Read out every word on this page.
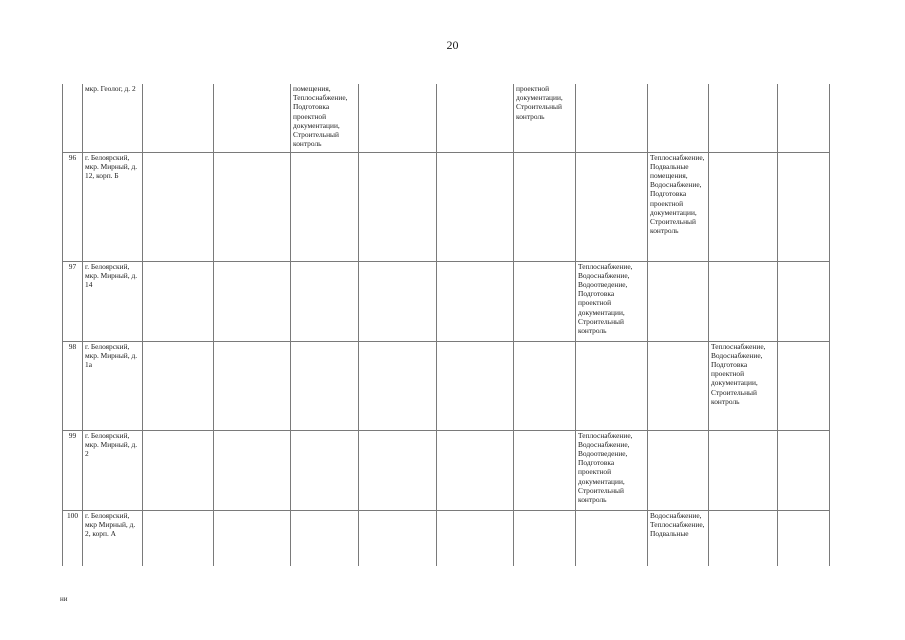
20
	мкр. Геолог, д. 2			помещения, Теплоснабжение, Подготовка проектной документации, Строительный контроль			проектной документации, Строительный контроль				
96	г. Белоярский, мкр. Мирный, д. 12, корп. Б								Теплоснабжение, Подвальные помещения, Водоснабжение, Подготовка проектной документации, Строительный контроль		
97	г. Белоярский, мкр. Мирный, д. 14							Теплоснабжение, Водоснабжение, Водоотведение, Подготовка проектной документации, Строительный контроль			
98	г. Белоярский, мкр. Мирный, д. 1а									Теплоснабжение, Водоснабжение, Подготовка проектной документации, Строительный контроль	
99	г. Белоярский, мкр. Мирный, д. 2							Теплоснабжение, Водоснабжение, Водоотведение, Подготовка проектной документации, Строительный контроль			
100	г. Белоярский, мкр Мирный, д. 2, корп. А								Водоснабжение, Теплоснабжение, Подвальные		
ни
